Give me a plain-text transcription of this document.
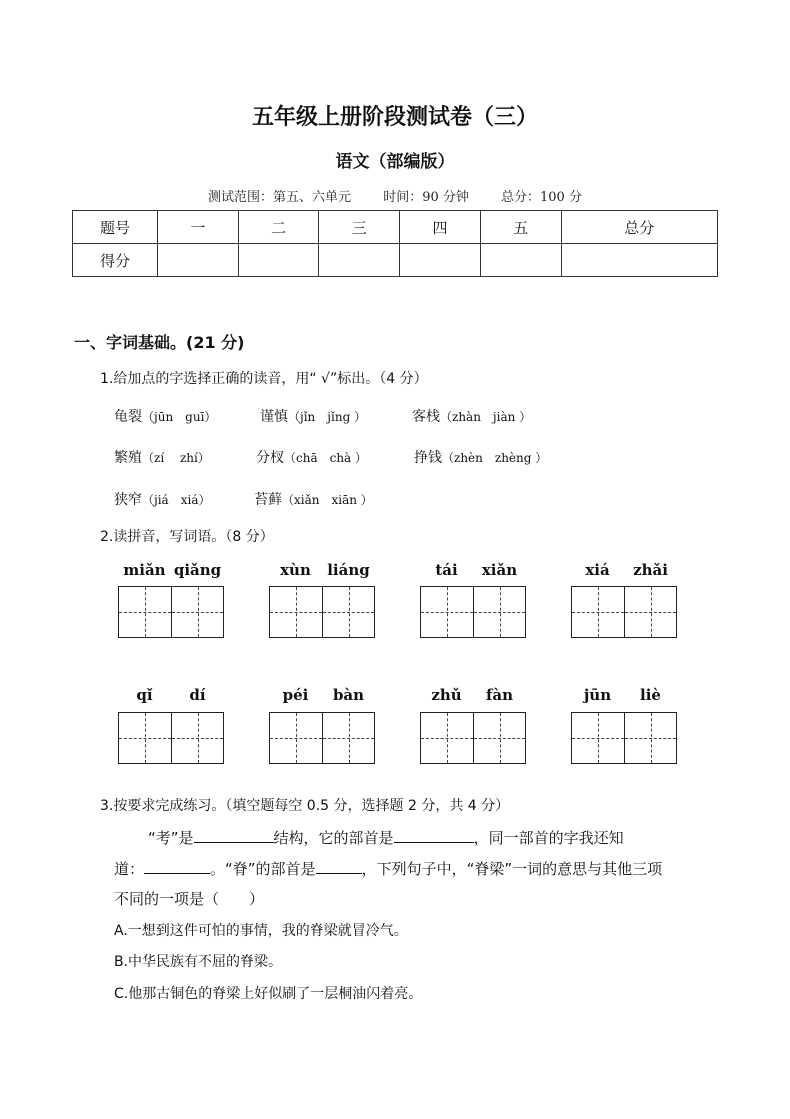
五年级上册阶段测试卷（三）
语文（部编版）
测试范围：第五、六单元 时间：90 分钟 总分：100 分
题号	一	二	三	四	五	总分
得分						
一、字词基础。(21 分)
1.给加点的字选择正确的读音，用“ √”标出。（4 分）
龟裂（jūn　guī）	谨慎（jǐn　jǐng ）	客栈（zhàn　jiàn ）
繁殖（zí　 zhí）	分杈（chā　chà ）	挣钱（zhèn　zhèng ）
狭窄（jiá　xiá）	苔藓（xiǎn　xiān ）
2.读拼音，写词语。（8 分）
miǎn qiǎng	xùn liáng	tái xiǎn	xiá zhǎi
qǐ dí	péi bàn	zhǔ fàn	jūn liè
3.按要求完成练习。（填空题每空 0.5 分，选择题 2 分，共 4 分）
“考”是	结构，它的部首是	，同一部首的字我还知
道：	。“脊”的部首是	，下列句子中，“脊梁”一词的意思与其他三项
不同的一项是（　　）
A.一想到这件可怕的事情，我的脊梁就冒冷气。
B.中华民族有不屈的脊梁。
C.他那古铜色的脊梁上好似刷了一层桐油闪着亮。
